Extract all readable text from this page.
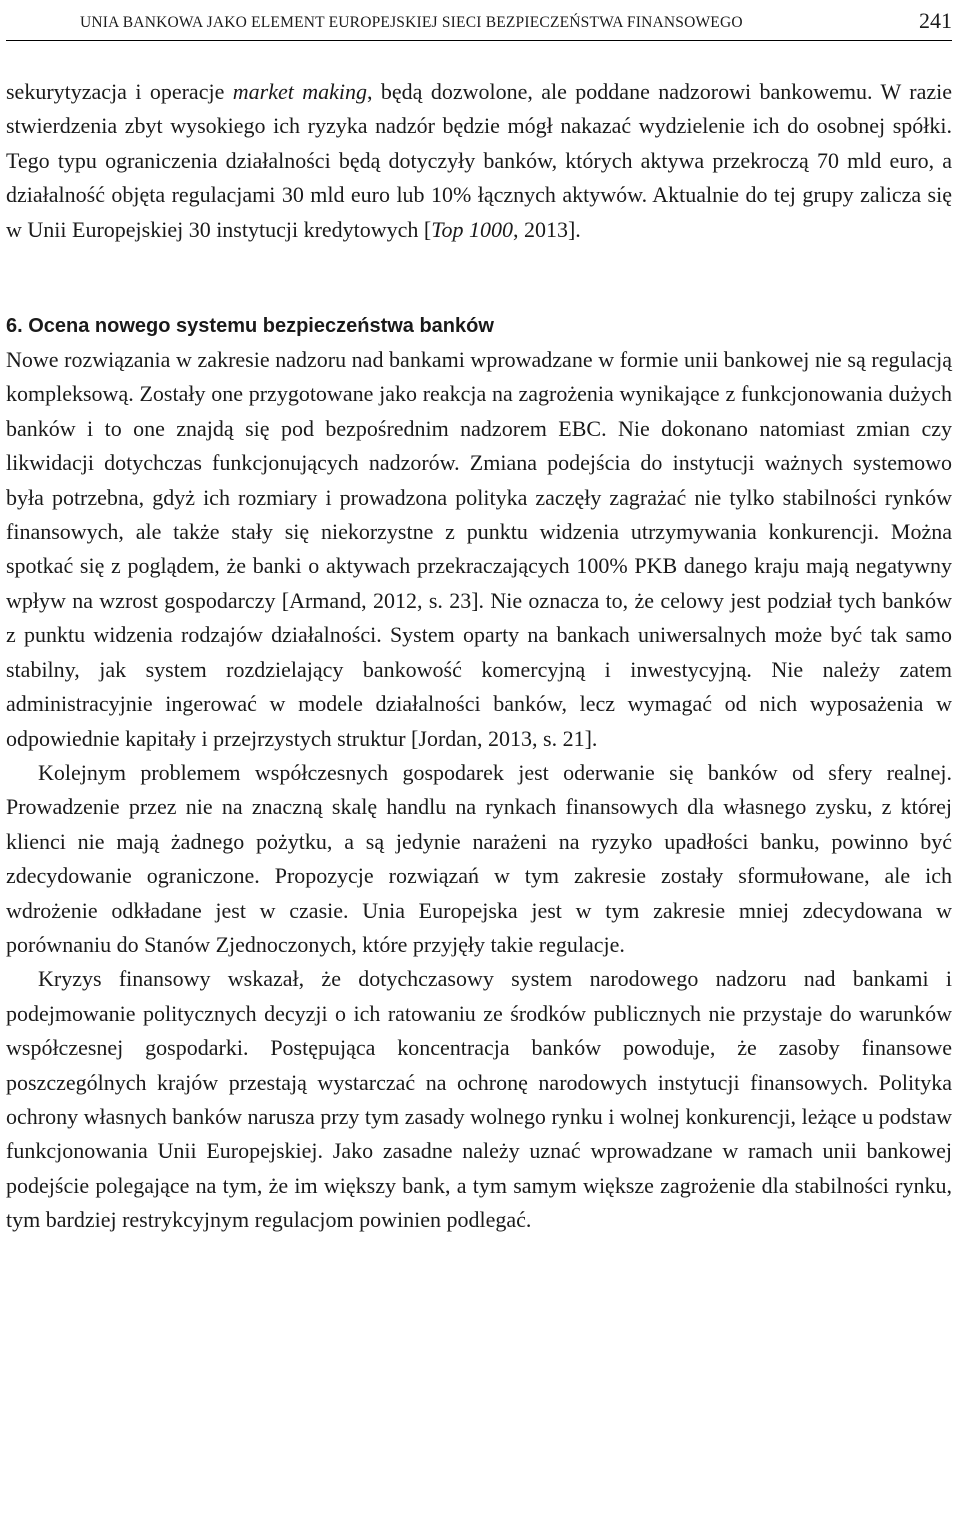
UNIA BANKOWA JAKO ELEMENT EUROPEJSKIEJ SIECI BEZPIECZEŃSTWA FINANSOWEGO	241

sekurytyzacja i operacje market making, będą dozwolone, ale poddane nadzorowi bankowemu. W razie stwierdzenia zbyt wysokiego ich ryzyka nadzór będzie mógł nakazać wydzielenie ich do osobnej spółki. Tego typu ograniczenia działalności będą dotyczyły banków, których aktywa przekroczą 70 mld euro, a działalność objęta regulacjami 30 mld euro lub 10% łącznych aktywów. Aktualnie do tej grupy zalicza się w Unii Europejskiej 30 instytucji kredytowych [Top 1000, 2013].

6. Ocena nowego systemu bezpieczeństwa banków

Nowe rozwiązania w zakresie nadzoru nad bankami wprowadzane w formie unii bankowej nie są regulacją kompleksową. Zostały one przygotowane jako reakcja na zagrożenia wynikające z funkcjonowania dużych banków i to one znajdą się pod bezpośrednim nadzorem EBC. Nie dokonano natomiast zmian czy likwidacji dotychczas funkcjonujących nadzorów. Zmiana podejścia do instytucji ważnych systemowo była potrzebna, gdyż ich rozmiary i prowadzona polityka zaczęły zagrażać nie tylko stabilności rynków finansowych, ale także stały się niekorzystne z punktu widzenia utrzymywania konkurencji. Można spotkać się z poglądem, że banki o aktywach przekraczających 100% PKB danego kraju mają negatywny wpływ na wzrost gospodarczy [Armand, 2012, s. 23]. Nie oznacza to, że celowy jest podział tych banków z punktu widzenia rodzajów działalności. System oparty na bankach uniwersalnych może być tak samo stabilny, jak system rozdzielający bankowość komercyjną i inwestycyjną. Nie należy zatem administracyjnie ingerować w modele działalności banków, lecz wymagać od nich wyposażenia w odpowiednie kapitały i przejrzystych struktur [Jordan, 2013, s. 21].

Kolejnym problemem współczesnych gospodarek jest oderwanie się banków od sfery realnej. Prowadzenie przez nie na znaczną skalę handlu na rynkach finansowych dla własnego zysku, z której klienci nie mają żadnego pożytku, a są jedynie narażeni na ryzyko upadłości banku, powinno być zdecydowanie ograniczone. Propozycje rozwiązań w tym zakresie zostały sformułowane, ale ich wdrożenie odkładane jest w czasie. Unia Europejska jest w tym zakresie mniej zdecydowana w porównaniu do Stanów Zjednoczonych, które przyjęły takie regulacje.

Kryzys finansowy wskazał, że dotychczasowy system narodowego nadzoru nad bankami i podejmowanie politycznych decyzji o ich ratowaniu ze środków publicznych nie przystaje do warunków współczesnej gospodarki. Postępująca koncentracja banków powoduje, że zasoby finansowe poszczególnych krajów przestają wystarczać na ochronę narodowych instytucji finansowych. Polityka ochrony własnych banków narusza przy tym zasady wolnego rynku i wolnej konkurencji, leżące u podstaw funkcjonowania Unii Europejskiej. Jako zasadne należy uznać wprowadzane w ramach unii bankowej podejście polegające na tym, że im większy bank, a tym samym większe zagrożenie dla stabilności rynku, tym bardziej restrykcyjnym regulacjom powinien podlegać.
